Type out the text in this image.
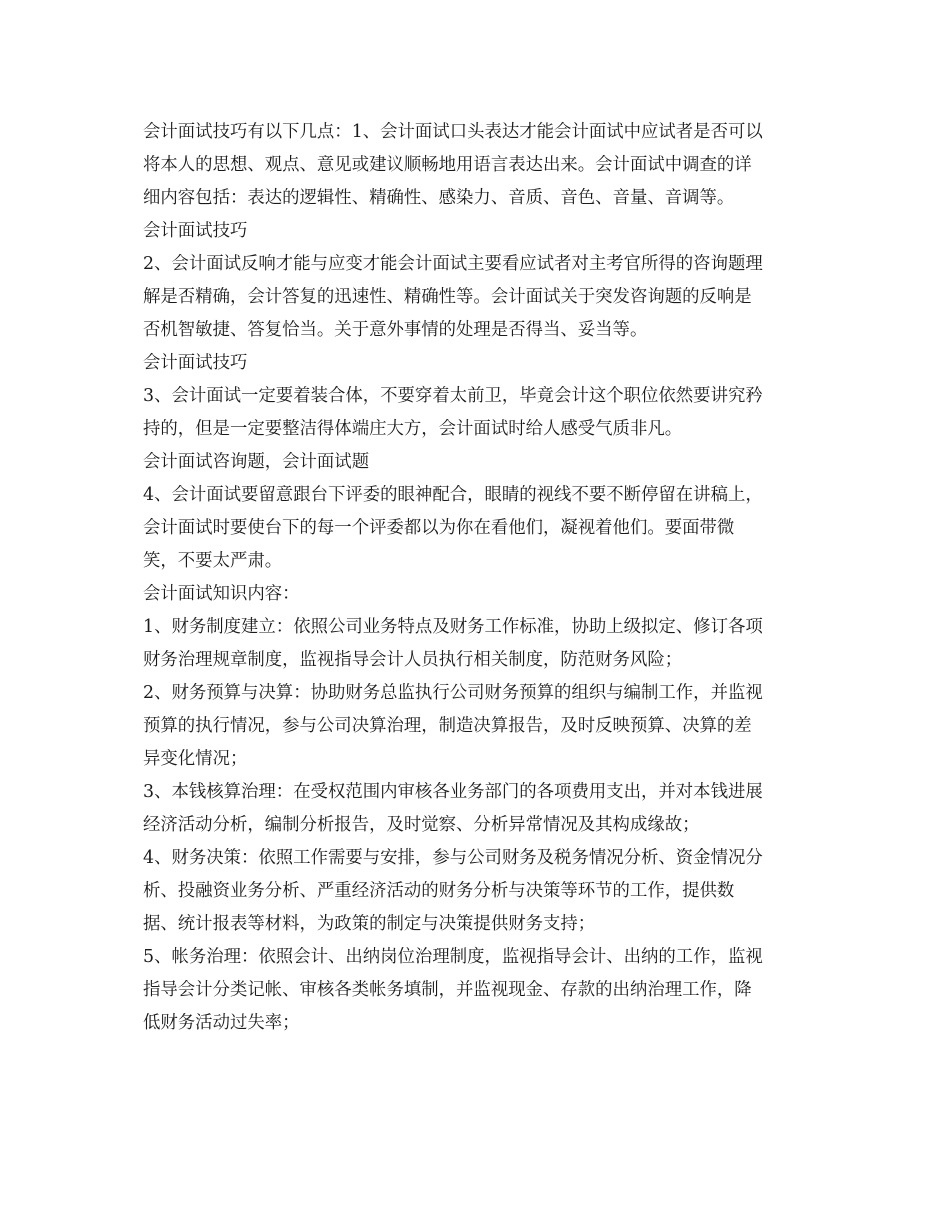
会计面试技巧有以下几点：1、会计面试口头表达才能会计面试中应试者是否可以
将本人的思想、观点、意见或建议顺畅地用语言表达出来。会计面试中调查的详
细内容包括：表达的逻辑性、精确性、感染力、音质、音色、音量、音调等。
会计面试技巧
2、会计面试反响才能与应变才能会计面试主要看应试者对主考官所得的咨询题理
解是否精确，会计答复的迅速性、精确性等。会计面试关于突发咨询题的反响是
否机智敏捷、答复恰当。关于意外事情的处理是否得当、妥当等。
会计面试技巧
3、会计面试一定要着装合体，不要穿着太前卫，毕竟会计这个职位依然要讲究矜
持的，但是一定要整洁得体端庄大方，会计面试时给人感受气质非凡。
会计面试咨询题，会计面试题
4、会计面试要留意跟台下评委的眼神配合，眼睛的视线不要不断停留在讲稿上，
会计面试时要使台下的每一个评委都以为你在看他们，凝视着他们。要面带微
笑，不要太严肃。
会计面试知识内容：
1、财务制度建立：依照公司业务特点及财务工作标准，协助上级拟定、修订各项
财务治理规章制度，监视指导会计人员执行相关制度，防范财务风险；
2、财务预算与决算：协助财务总监执行公司财务预算的组织与编制工作，并监视
预算的执行情况，参与公司决算治理，制造决算报告，及时反映预算、决算的差
异变化情况；
3、本钱核算治理：在受权范围内审核各业务部门的各项费用支出，并对本钱进展
经济活动分析，编制分析报告，及时觉察、分析异常情况及其构成缘故；
4、财务决策：依照工作需要与安排，参与公司财务及税务情况分析、资金情况分
析、投融资业务分析、严重经济活动的财务分析与决策等环节的工作，提供数
据、统计报表等材料，为政策的制定与决策提供财务支持；
5、帐务治理：依照会计、出纳岗位治理制度，监视指导会计、出纳的工作，监视
指导会计分类记帐、审核各类帐务填制，并监视现金、存款的出纳治理工作，降
低财务活动过失率；
